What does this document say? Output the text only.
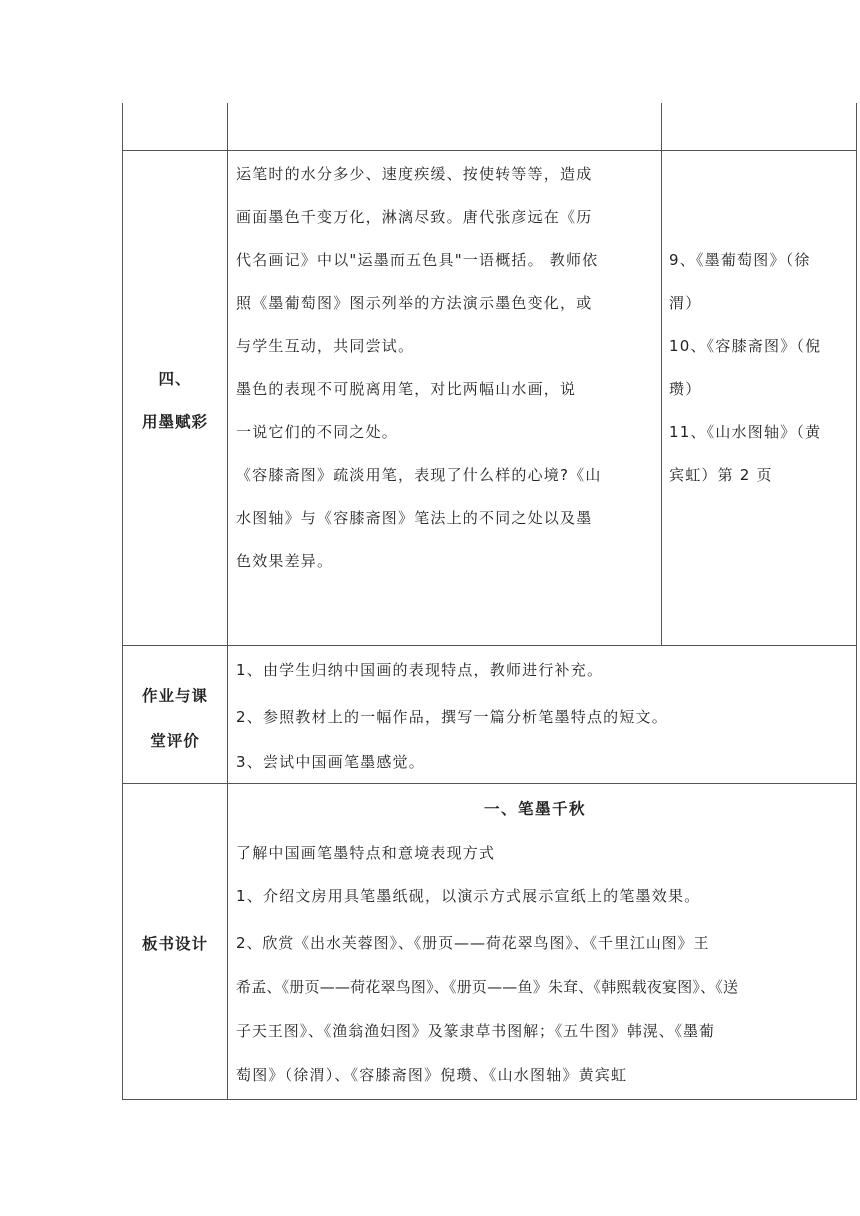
四、
用墨赋彩
运笔时的水分多少、速度疾缓、按使转等等，造成
画面墨色千变万化，淋漓尽致。唐代张彦远在《历
代名画记》中以"运墨而五色具"一语概括。 教师依
照《墨葡萄图》图示列举的方法演示墨色变化，或
与学生互动，共同尝试。
墨色的表现不可脱离用笔，对比两幅山水画，说
一说它们的不同之处。
《容膝斋图》疏淡用笔，表现了什么样的心境?《山
水图轴》与《容膝斋图》笔法上的不同之处以及墨
色效果差异。
9、《墨葡萄图》（徐
渭）
10、《容膝斋图》（倪
瓒）
11、《山水图轴》（黄
宾虹）第 2 页
作业与课
堂评价
1、由学生归纳中国画的表现特点，教师进行补充。
2、参照教材上的一幅作品，撰写一篇分析笔墨特点的短文。
3、尝试中国画笔墨感觉。
板书设计
一、笔墨千秋
了解中国画笔墨特点和意境表现方式
1、介绍文房用具笔墨纸砚，以演示方式展示宣纸上的笔墨效果。
2、欣赏《出水芙蓉图》、《册页——荷花翠鸟图》、《千里江山图》王
希孟、《册页——荷花翠鸟图》、《册页——鱼》朱耷、《韩熙载夜宴图》、《送
子天王图》、《渔翁渔妇图》及篆隶草书图解；《五牛图》韩滉、《墨葡
萄图》（徐渭）、《容膝斋图》倪瓒、《山水图轴》黄宾虹
